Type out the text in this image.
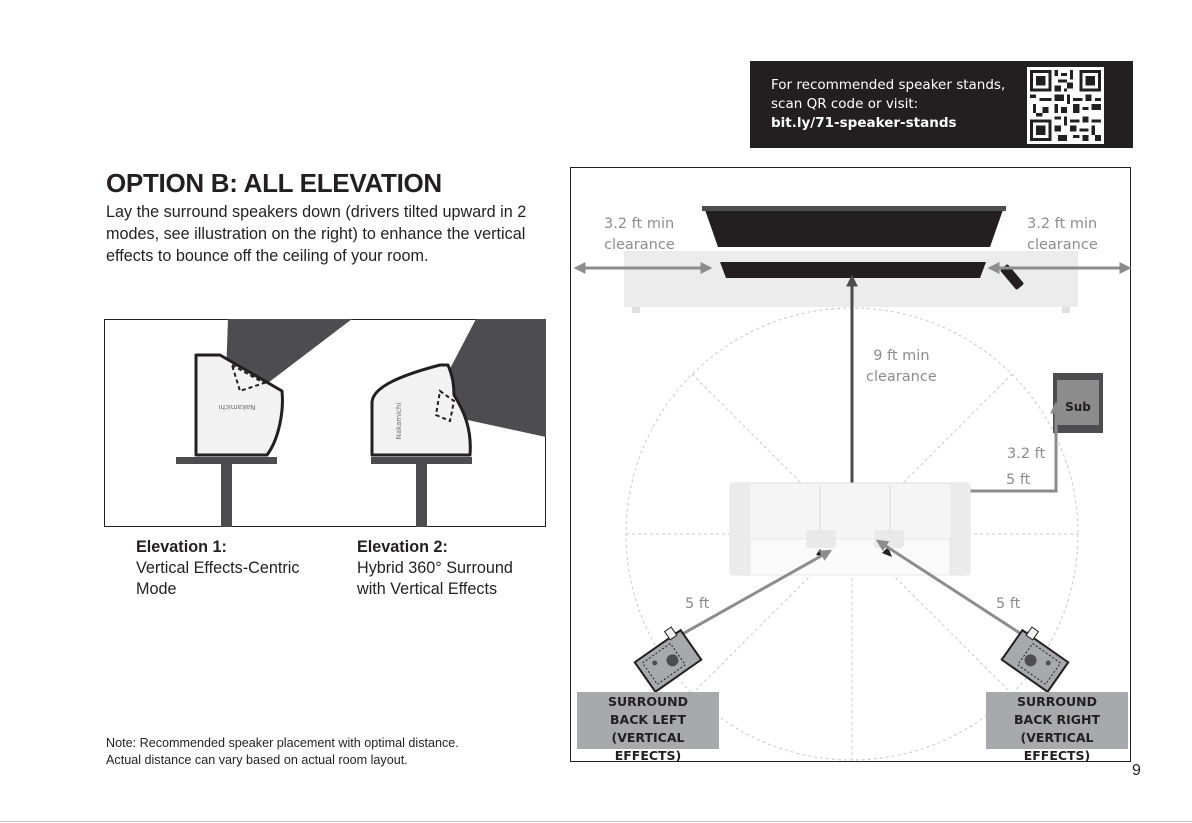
For recommended speaker stands,
scan QR code or visit:
bit.ly/71-speaker-stands
OPTION B: ALL ELEVATION

Lay the surround speakers down (drivers tilted upward in 2 modes, see illustration on the right) to enhance the vertical effects to bounce off the ceiling of your room.

Nakamichi	Nakamichi
Elevation 1:
Vertical Effects-Centric
Mode
Elevation 2:
Hybrid 360° Surround
with Vertical Effects
Note: Recommended speaker placement with optimal distance.
Actual distance can vary based on actual room layout.
Sub
3.2 ft min
clearance
3.2 ft min
clearance
9 ft min
clearance
3.2 ft
5 ft
5 ft	5 ft
SURROUND
BACK LEFT
(VERTICAL EFFECTS)
SURROUND
BACK RIGHT
(VERTICAL EFFECTS)
9
